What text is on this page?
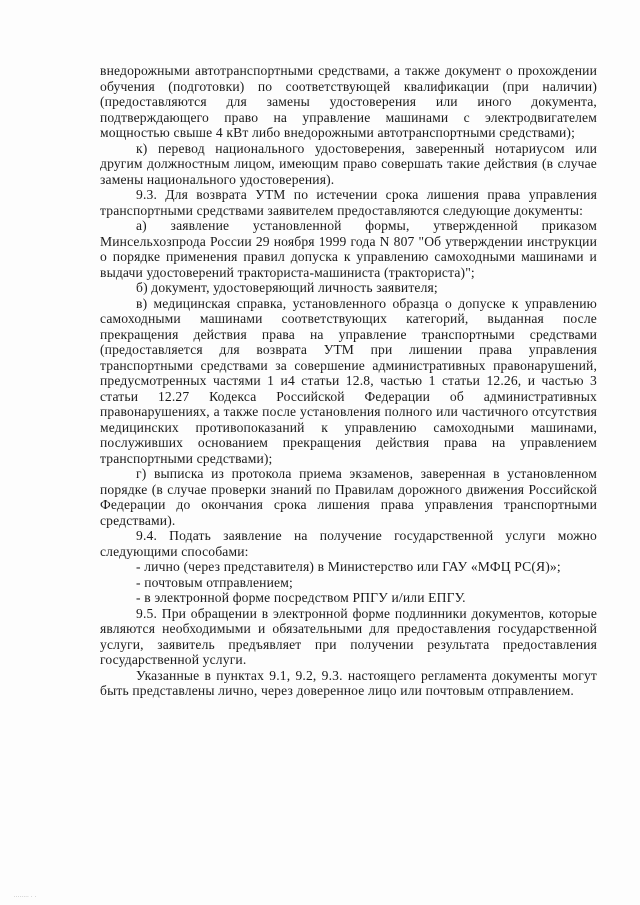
внедорожными автотранспортными средствами, а также документ о прохождении обучения (подготовки) по соответствующей квалификации (при наличии) (предоставляются для замены удостоверения или иного документа, подтверждающего право на управление машинами с электродвигателем мощностью свыше 4 кВт либо внедорожными автотранспортными средствами);

к) перевод национального удостоверения, заверенный нотариусом или другим должностным лицом, имеющим право совершать такие действия (в случае замены национального удостоверения).

9.3. Для возврата УТМ по истечении срока лишения права управления транспортными средствами заявителем предоставляются следующие документы:

а) заявление установленной формы, утвержденной приказом Минсельхозпрода России 29 ноября 1999 года N 807 "Об утверждении инструкции о порядке применения правил допуска к управлению самоходными машинами и выдачи удостоверений тракториста-машиниста (тракториста)";

б) документ, удостоверяющий личность заявителя;

в) медицинская справка, установленного образца о допуске к управлению самоходными машинами соответствующих категорий, выданная после прекращения действия права на управление транспортными средствами (предоставляется для возврата УТМ при лишении права управления транспортными средствами за совершение административных правонарушений, предусмотренных частями 1 и4 статьи 12.8, частью 1 статьи 12.26, и частью 3 статьи 12.27 Кодекса Российской Федерации об административных правонарушениях, а также после установления полного или частичного отсутствия медицинских противопоказаний к управлению самоходными машинами, послуживших основанием прекращения действия права на управлением транспортными средствами);

г) выписка из протокола приема экзаменов, заверенная в установленном порядке (в случае проверки знаний по Правилам дорожного движения Российской Федерации до окончания срока лишения права управления транспортными средствами).

9.4. Подать заявление на получение государственной услуги можно следующими способами:

- лично (через представителя) в Министерство или ГАУ «МФЦ РС(Я)»;

- почтовым отправлением;

- в электронной форме посредством РПГУ и/или ЕПГУ.

9.5. При обращении в электронной форме подлинники документов, которые являются необходимыми и обязательными для предоставления государственной услуги, заявитель предъявляет при получении результата предоставления государственной услуги.

Указанные в пунктах 9.1, 9.2, 9.3. настоящего регламента документы могут быть представлены лично, через доверенное лицо или почтовым отправлением.

........ . .
